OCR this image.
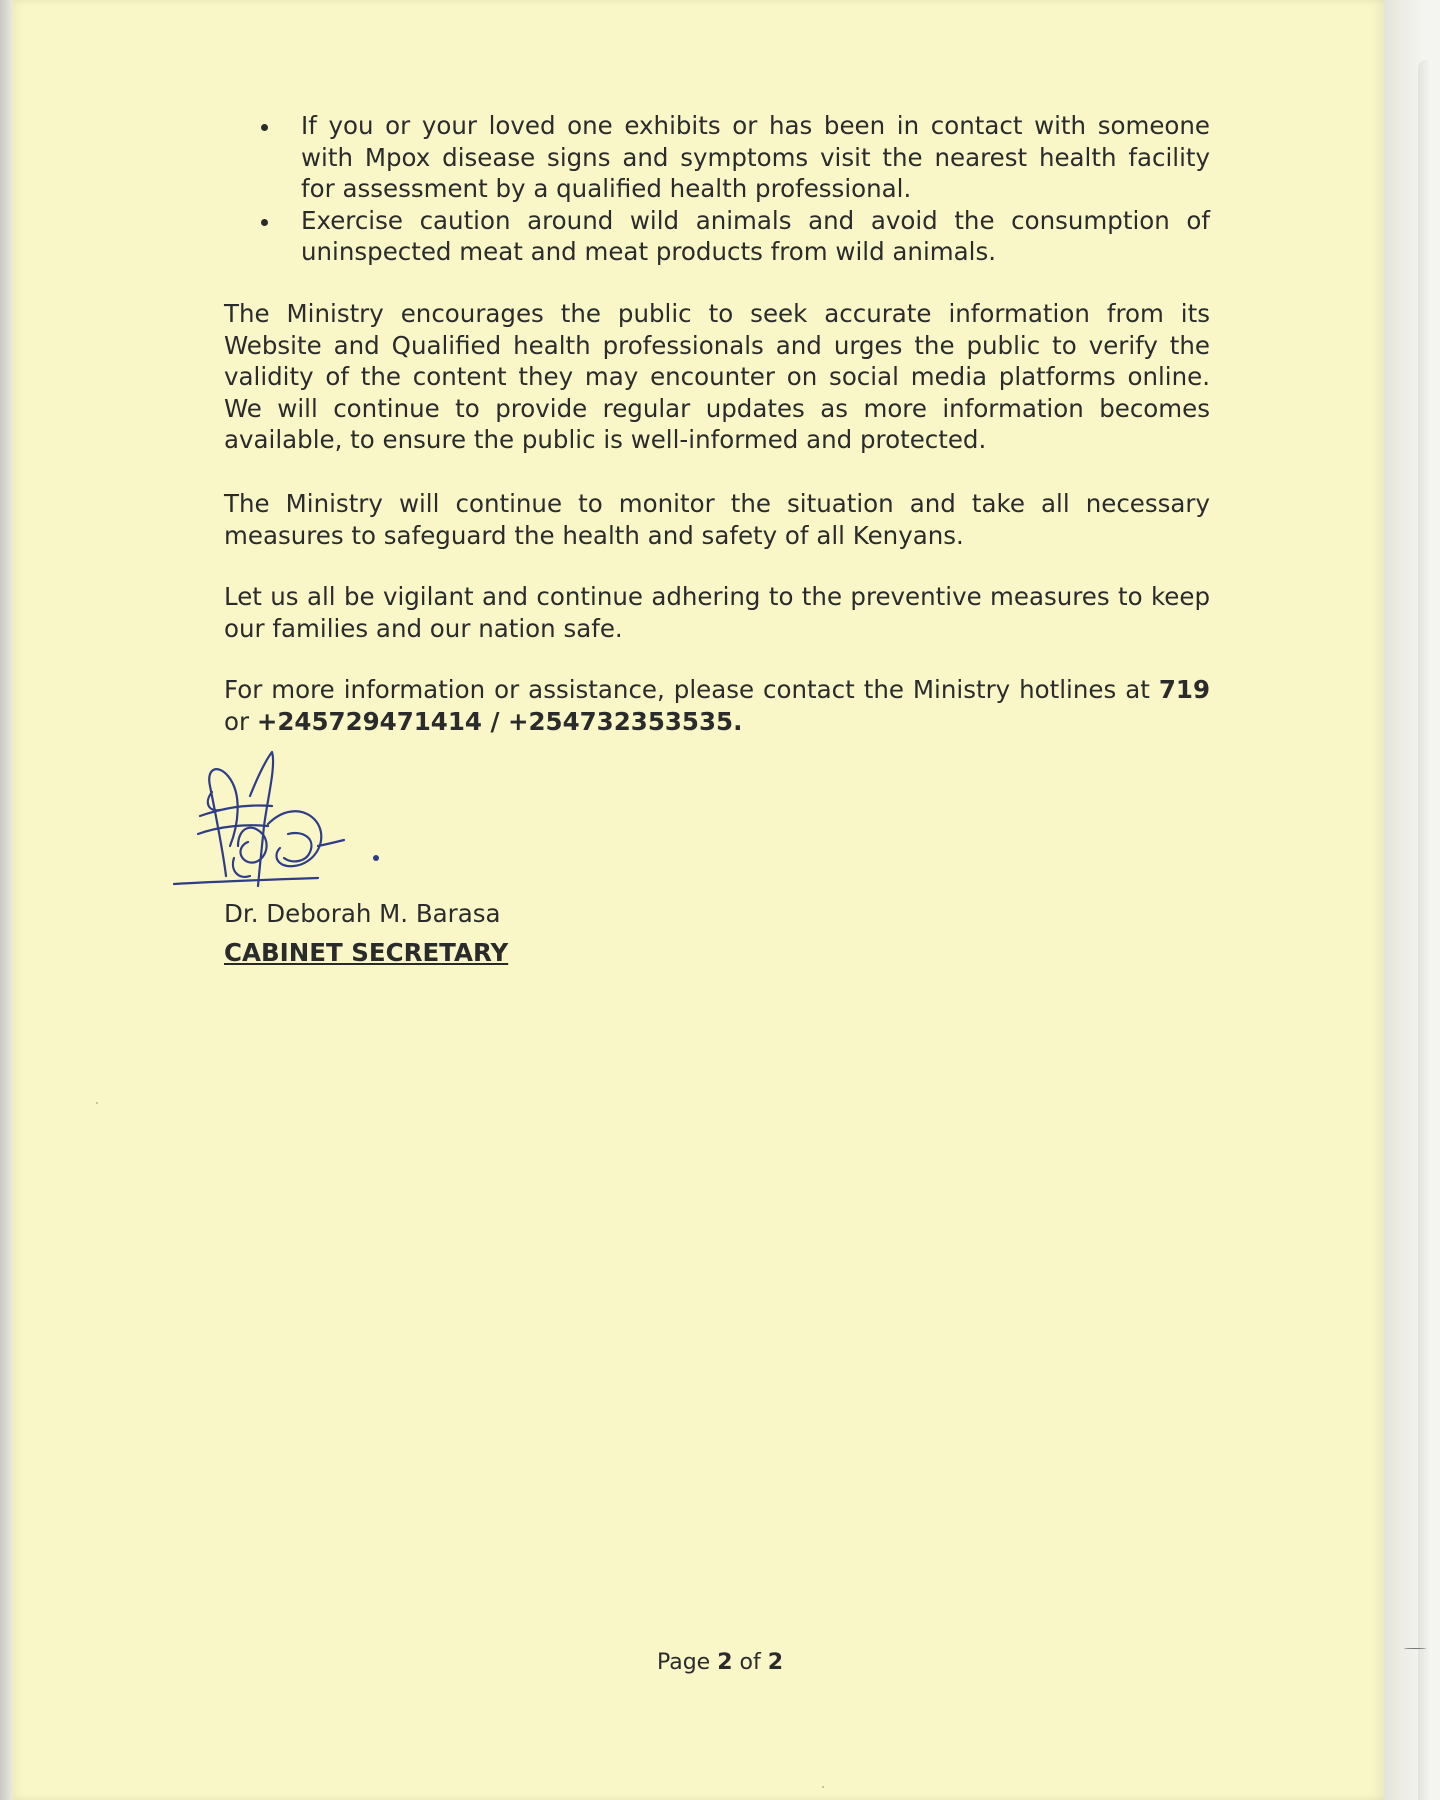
If you or your loved one exhibits or has been in contact with someone with Mpox disease signs and symptoms visit the nearest health facility for assessment by a qualified health professional.
Exercise caution around wild animals and avoid the consumption of uninspected meat and meat products from wild animals.

The Ministry encourages the public to seek accurate information from its Website and Qualified health professionals and urges the public to verify the validity of the content they may encounter on social media platforms online. We will continue to provide regular updates as more information becomes available, to ensure the public is well-informed and protected.

The Ministry will continue to monitor the situation and take all necessary measures to safeguard the health and safety of all Kenyans.

Let us all be vigilant and continue adhering to the preventive measures to keep our families and our nation safe.

For more information or assistance, please contact the Ministry hotlines at 719 or +245729471414 / +254732353535.

Dr. Deborah M. Barasa
CABINET SECRETARY
Page 2 of 2
